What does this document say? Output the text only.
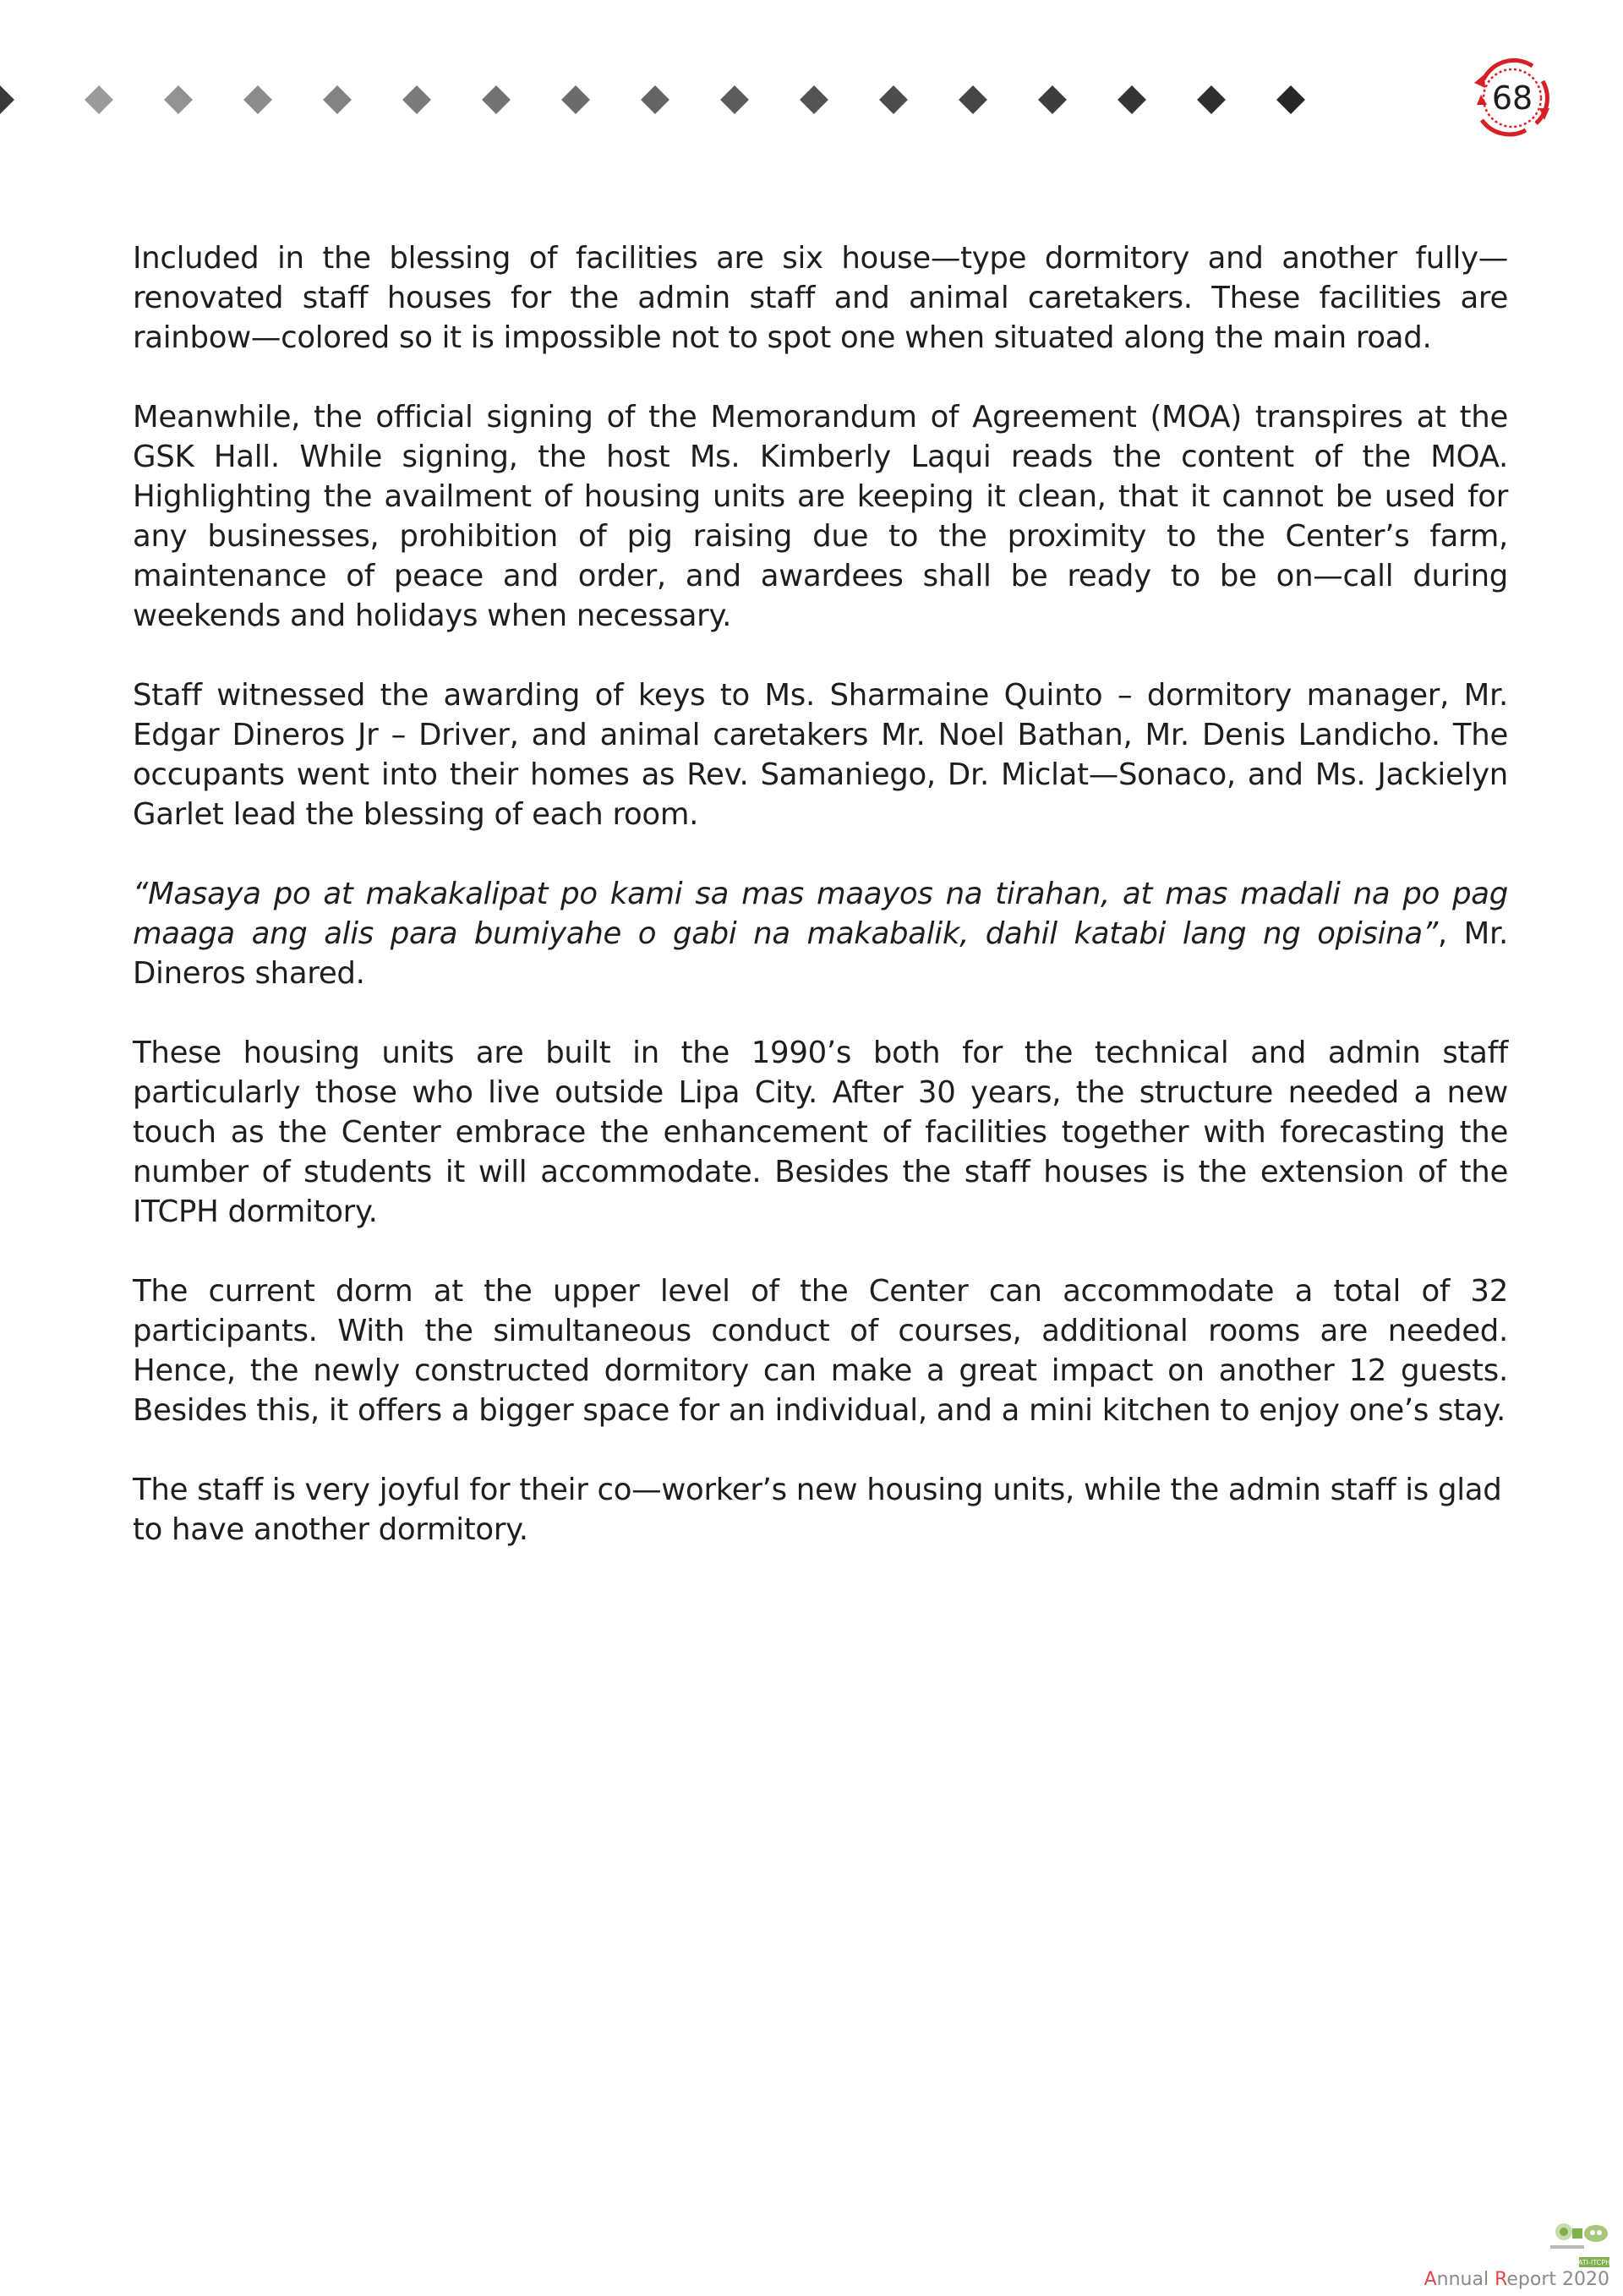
68

Included in the blessing of facilities are six house—type dormitory and another fully—renovated staff houses for the admin staff and animal caretakers. These facilities are rainbow—colored so it is impossible not to spot one when situated along the main road.

Meanwhile, the official signing of the Memorandum of Agreement (MOA) transpires at the GSK Hall. While signing, the host Ms. Kimberly Laqui reads the content of the MOA. Highlighting the availment of housing units are keeping it clean, that it cannot be used for any businesses, prohibition of pig raising due to the proximity to the Center’s farm, maintenance of peace and order, and awardees shall be ready to be on—call during weekends and holidays when necessary.

Staff witnessed the awarding of keys to Ms. Sharmaine Quinto – dormitory manager, Mr. Edgar Dineros Jr – Driver, and animal caretakers Mr. Noel Bathan, Mr. Denis Landicho. The occupants went into their homes as Rev. Samaniego, Dr. Miclat—Sonaco, and Ms. Jackielyn Garlet lead the blessing of each room.

“Masaya po at makakalipat po kami sa mas maayos na tirahan, at mas madali na po pag maaga ang alis para bumiyahe o gabi na makabalik, dahil katabi lang ng opisina”, Mr. Dineros shared.

These housing units are built in the 1990’s both for the technical and admin staff particularly those who live outside Lipa City. After 30 years, the structure needed a new touch as the Center embrace the enhancement of facilities together with forecasting the number of students it will accommodate. Besides the staff houses is the extension of the ITCPH dormitory.

The current dorm at the upper level of the Center can accommodate a total of 32 participants. With the simultaneous conduct of courses, additional rooms are needed. Hence, the newly constructed dormitory can make a great impact on another 12 guests. Besides this, it offers a bigger space for an individual, and a mini kitchen to enjoy one’s stay.

The staff is very joyful for their co—worker’s new housing units, while the admin staff is glad to have another dormitory.

ATI-ITCPH
Annual Report 2020
